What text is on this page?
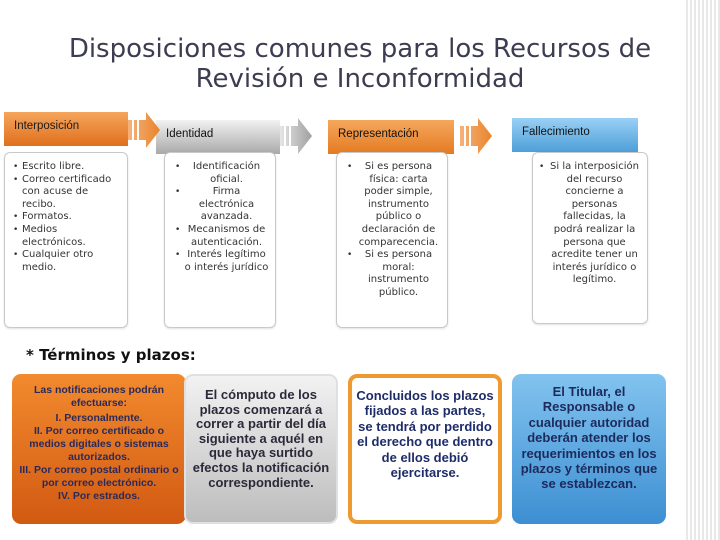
Disposiciones comunes para los Recursos de
Revisión e Inconformidad
Interposición
Identidad	Representación	Fallecimiento
• Escrito libre.
• Correo certificado con acuse de recibo.
• Formatos.
• Medios electrónicos.
• Cualquier otro medio.
• Identificación oficial.
• Firma electrónica avanzada.
• Mecanismos de autenticación.
• Interés legítimo o interés jurídico
• Si es persona física: carta poder simple, instrumento público o declaración de comparecencia.
• Si es persona moral: instrumento público.
• Si la interposición del recurso concierne a personas fallecidas, la podrá realizar la persona que acredite tener un interés jurídico o legítimo.
* Términos y plazos:
Las notificaciones podrán efectuarse:
I. Personalmente.
II. Por correo certificado o medios digitales o sistemas autorizados.
III. Por correo postal ordinario o por correo electrónico.
IV. Por estrados.
El cómputo de los plazos comenzará a correr a partir del día siguiente a aquél en que haya surtido efectos la notificación correspondiente.
Concluidos los plazos fijados a las partes, se tendrá por perdido el derecho que dentro de ellos debió ejercitarse.
El Titular, el Responsable o cualquier autoridad deberán atender los requerimientos en los plazos y términos que se establezcan.
